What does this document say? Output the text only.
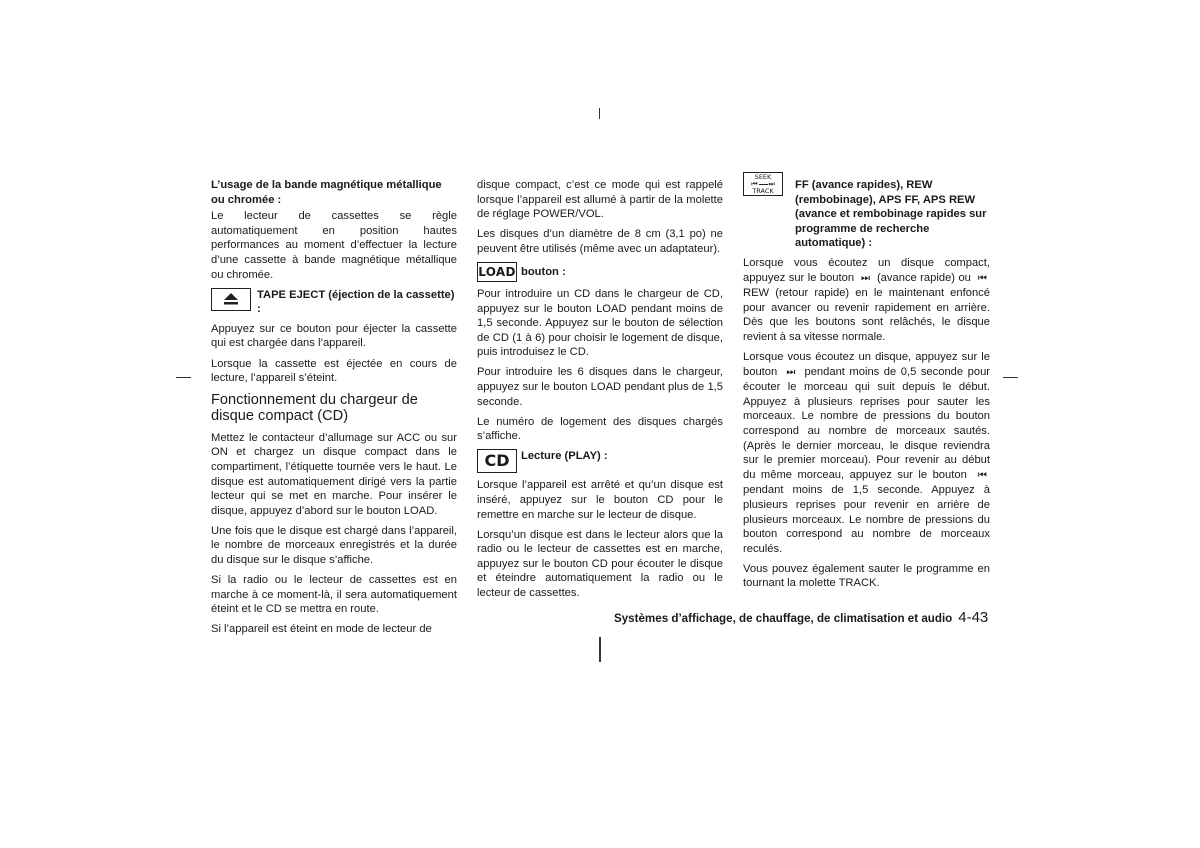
L’usage de la bande magnétique métallique ou chromée :

Le lecteur de cassettes se règle automatiquement en position hautes performances au moment d’effectuer la lecture d’une cassette à bande magnétique métallique ou chromée.

TAPE EJECT (éjection de la cassette) :

Appuyez sur ce bouton pour éjecter la cassette qui est chargée dans l’appareil.

Lorsque la cassette est éjectée en cours de lecture, l’appareil s’éteint.

Fonctionnement du chargeur de disque compact (CD)

Mettez le contacteur d’allumage sur ACC ou sur ON et chargez un disque compact dans le compartiment, l’étiquette tournée vers le haut. Le disque est automatiquement dirigé vers la partie lecteur qui se met en marche. Pour insérer le disque, appuyez d’abord sur le bouton LOAD.

Une fois que le disque est chargé dans l’appareil, le nombre de morceaux enregistrés et la durée du disque sur le disque s’affiche.

Si la radio ou le lecteur de cassettes est en marche à ce moment-là, il sera automatiquement éteint et le CD se mettra en route.

Si l’appareil est éteint en mode de lecteur de

disque compact, c’est ce mode qui est rappelé lorsque l’appareil est allumé à partir de la molette de réglage POWER/VOL.

Les disques d’un diamètre de 8 cm (3,1 po) ne peuvent être utilisés (même avec un adaptateur).

LOAD bouton :

Pour introduire un CD dans le chargeur de CD, appuyez sur le bouton LOAD pendant moins de 1,5 seconde. Appuyez sur le bouton de sélection de CD (1 à 6) pour choisir le logement de disque, puis introduisez le CD.

Pour introduire les 6 disques dans le chargeur, appuyez sur le bouton LOAD pendant plus de 1,5 seconde.

Le numéro de logement des disques chargés s’affiche.

CD	Lecture (PLAY) :

Lorsque l’appareil est arrêté et qu’un disque est inséré, appuyez sur le bouton CD pour le remettre en marche sur le lecteur de disque.

Lorsqu’un disque est dans le lecteur alors que la radio ou le lecteur de cassettes est en marche, appuyez sur le bouton CD pour écouter le disque et éteindre automatiquement la radio ou le lecteur de cassettes.

SEEK
⏮ ⏭
TRACK FF (avance rapides), REW (rembobinage), APS FF, APS REW (avance et rembobinage rapides sur programme de recherche automatique) :

Lorsque vous écoutez un disque compact, appuyez sur le bouton  ⏭  (avance rapide) ou  ⏮  REW (retour rapide) en le maintenant enfoncé pour avancer ou revenir rapidement en arrière. Dès que les boutons sont relâchés, le disque revient à sa vitesse normale.

Lorsque vous écoutez un disque, appuyez sur le bouton  ⏭  pendant moins de 0,5 seconde pour écouter le morceau qui suit depuis le début. Appuyez à plusieurs reprises pour sauter les morceaux. Le nombre de pressions du bouton correspond au nombre de morceaux sautés. (Après le dernier morceau, le disque reviendra sur le premier morceau). Pour revenir au début du même morceau, appuyez sur le bouton  ⏮  pendant moins de 1,5 seconde. Appuyez à plusieurs reprises pour revenir en arrière de plusieurs morceaux. Le nombre de pressions du bouton correspond au nombre de morceaux reculés.

Vous pouvez également sauter le programme en tournant la molette TRACK.

Systèmes d’affichage, de chauffage, de climatisation et audio 4-43
